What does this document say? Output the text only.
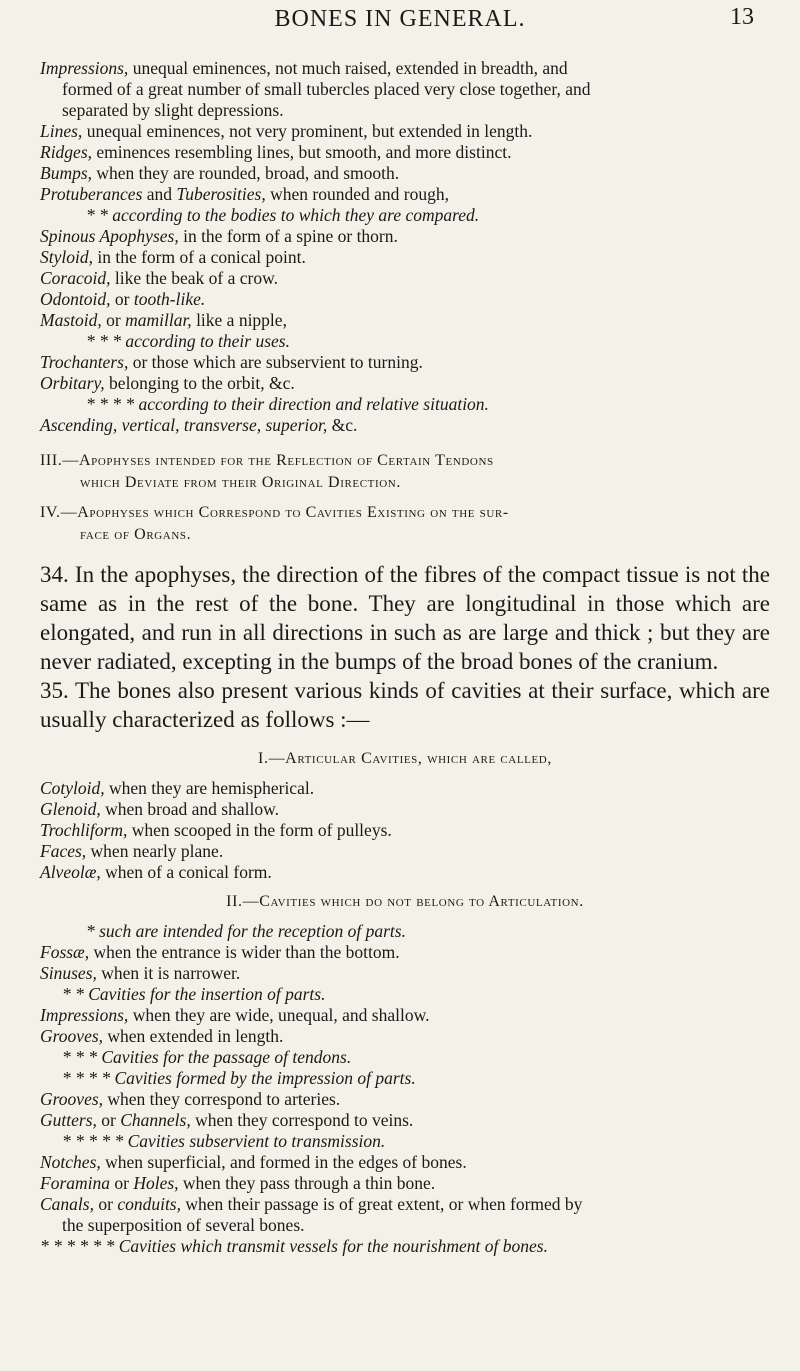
BONES IN GENERAL.	13
Impressions, unequal eminences, not much raised, extended in breadth, and
formed of a great number of small tubercles placed very close together, and
separated by slight depressions.
Lines, unequal eminences, not very prominent, but extended in length.
Ridges, eminences resembling lines, but smooth, and more distinct.
Bumps, when they are rounded, broad, and smooth.
Protuberances and Tuberosities, when rounded and rough,
* * according to the bodies to which they are compared.
Spinous Apophyses, in the form of a spine or thorn.
Styloid, in the form of a conical point.
Coracoid, like the beak of a crow.
Odontoid, or tooth-like.
Mastoid, or mamillar, like a nipple,
* * * according to their uses.
Trochanters, or those which are subservient to turning.
Orbitary, belonging to the orbit, &c.
* * * * according to their direction and relative situation.
Ascending, vertical, transverse, superior, &c.
III.—Apophyses intended for the Reflection of Certain Tendons
which Deviate from their Original Direction.
IV.—Apophyses which Correspond to Cavities Existing on the sur-
face of Organs.
34. In the apophyses, the direction of the fibres of the compact tissue is not the same as in the rest of the bone. They are longitudinal in those which are elongated, and run in all directions in such as are large and thick ; but they are never radiated, excepting in the bumps of the broad bones of the cranium.
35. The bones also present various kinds of cavities at their surface, which are usually characterized as follows :—
I.—Articular Cavities, which are called,
Cotyloid, when they are hemispherical.
Glenoid, when broad and shallow.
Trochliform, when scooped in the form of pulleys.
Faces, when nearly plane.
Alveolæ, when of a conical form.
II.—Cavities which do not belong to Articulation.
* such are intended for the reception of parts.
Fossæ, when the entrance is wider than the bottom.
Sinuses, when it is narrower.
* * Cavities for the insertion of parts.
Impressions, when they are wide, unequal, and shallow.
Grooves, when extended in length.
* * * Cavities for the passage of tendons.
* * * * Cavities formed by the impression of parts.
Grooves, when they correspond to arteries.
Gutters, or Channels, when they correspond to veins.
* * * * * Cavities subservient to transmission.
Notches, when superficial, and formed in the edges of bones.
Foramina or Holes, when they pass through a thin bone.
Canals, or conduits, when their passage is of great extent, or when formed by
the superposition of several bones.
* * * * * * Cavities which transmit vessels for the nourishment of bones.
